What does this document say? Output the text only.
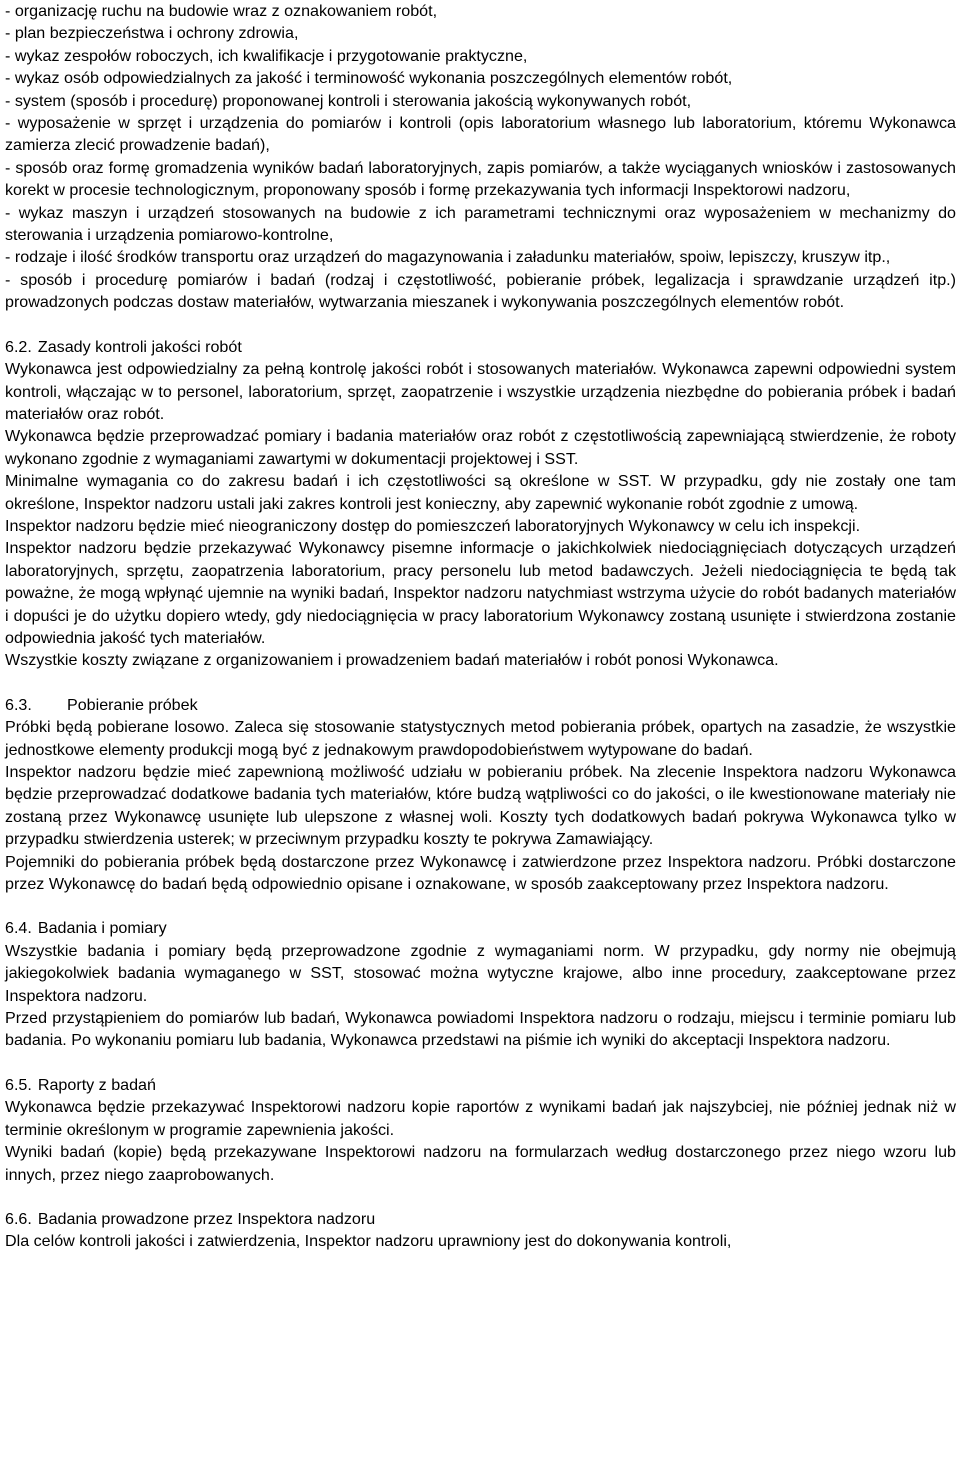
- organizację ruchu na budowie wraz z oznakowaniem robót,

- plan bezpieczeństwa i ochrony zdrowia,

- wykaz zespołów roboczych, ich kwalifikacje i przygotowanie praktyczne,

- wykaz osób odpowiedzialnych za jakość i terminowość wykonania poszczególnych elementów robót,

- system (sposób i procedurę) proponowanej kontroli i sterowania jakością wykonywanych robót,

- wyposażenie w sprzęt i urządzenia do pomiarów i kontroli (opis laboratorium własnego lub laboratorium, któremu Wykonawca zamierza zlecić prowadzenie badań),

- sposób oraz formę gromadzenia wyników badań laboratoryjnych, zapis pomiarów, a także wyciąganych wniosków i zastosowanych korekt w procesie technologicznym, proponowany sposób i formę przekazywania tych informacji Inspektorowi nadzoru,

- wykaz maszyn i urządzeń stosowanych na budowie z ich parametrami technicznymi oraz wyposażeniem w mechanizmy do sterowania i urządzenia pomiarowo-kontrolne,

- rodzaje i ilość środków transportu oraz urządzeń do magazynowania i załadunku materiałów, spoiw, lepiszczy, kruszyw itp.,

- sposób i procedurę pomiarów i badań (rodzaj i częstotliwość, pobieranie próbek, legalizacja i sprawdzanie urządzeń itp.) prowadzonych podczas dostaw materiałów, wytwarzania mieszanek i wykonywania poszczególnych elementów robót.

6.2. Zasady kontroli jakości robót

Wykonawca jest odpowiedzialny za pełną kontrolę jakości robót i stosowanych materiałów. Wykonawca zapewni odpowiedni system kontroli, włączając w to personel, laboratorium, sprzęt, zaopatrzenie i wszystkie urządzenia niezbędne do pobierania próbek i badań materiałów oraz robót.

Wykonawca będzie przeprowadzać pomiary i badania materiałów oraz robót z częstotliwością zapewniającą stwierdzenie, że roboty wykonano zgodnie z wymaganiami zawartymi w dokumentacji projektowej i SST.

Minimalne wymagania co do zakresu badań i ich częstotliwości są określone w SST. W przypadku, gdy nie zostały one tam określone, Inspektor nadzoru ustali jaki zakres kontroli jest konieczny, aby zapewnić wykonanie robót zgodnie z umową.

Inspektor nadzoru będzie mieć nieograniczony dostęp do pomieszczeń laboratoryjnych Wykonawcy w celu ich inspekcji.

Inspektor nadzoru będzie przekazywać Wykonawcy pisemne informacje o jakichkolwiek niedociągnięciach dotyczących urządzeń laboratoryjnych, sprzętu, zaopatrzenia laboratorium, pracy personelu lub metod badawczych. Jeżeli niedociągnięcia te będą tak poważne, że mogą wpłynąć ujemnie na wyniki badań, Inspektor nadzoru natychmiast wstrzyma użycie do robót badanych materiałów i dopuści je do użytku dopiero wtedy, gdy niedociągnięcia w pracy laboratorium Wykonawcy zostaną usunięte i stwierdzona zostanie odpowiednia jakość tych materiałów.

Wszystkie koszty związane z organizowaniem i prowadzeniem badań materiałów i robót ponosi Wykonawca.

6.3. Pobieranie próbek

Próbki będą pobierane losowo. Zaleca się stosowanie statystycznych metod pobierania próbek, opartych na zasadzie, że wszystkie jednostkowe elementy produkcji mogą być z jednakowym prawdopodobieństwem wytypowane do badań.

Inspektor nadzoru będzie mieć zapewnioną możliwość udziału w pobieraniu próbek. Na zlecenie Inspektora nadzoru Wykonawca będzie przeprowadzać dodatkowe badania tych materiałów, które budzą wątpliwości co do jakości, o ile kwestionowane materiały nie zostaną przez Wykonawcę usunięte lub ulepszone z własnej woli. Koszty tych dodatkowych badań pokrywa Wykonawca tylko w przypadku stwierdzenia usterek; w przeciwnym przypadku koszty te pokrywa Zamawiający.

Pojemniki do pobierania próbek będą dostarczone przez Wykonawcę i zatwierdzone przez Inspektora nadzoru. Próbki dostarczone przez Wykonawcę do badań będą odpowiednio opisane i oznakowane, w sposób zaakceptowany przez Inspektora nadzoru.

6.4. Badania i pomiary

Wszystkie badania i pomiary będą przeprowadzone zgodnie z wymaganiami norm. W przypadku, gdy normy nie obejmują jakiegokolwiek badania wymaganego w SST, stosować można wytyczne krajowe, albo inne procedury, zaakceptowane przez Inspektora nadzoru.

Przed przystąpieniem do pomiarów lub badań, Wykonawca powiadomi Inspektora nadzoru o rodzaju, miejscu i terminie pomiaru lub badania. Po wykonaniu pomiaru lub badania, Wykonawca przedstawi na piśmie ich wyniki do akceptacji Inspektora nadzoru.

6.5. Raporty z badań

Wykonawca będzie przekazywać Inspektorowi nadzoru kopie raportów z wynikami badań jak najszybciej, nie później jednak niż w terminie określonym w programie zapewnienia jakości.

Wyniki badań (kopie) będą przekazywane Inspektorowi nadzoru na formularzach według dostarczonego przez niego wzoru lub innych, przez niego zaaprobowanych.

6.6. Badania prowadzone przez Inspektora nadzoru

Dla celów kontroli jakości i zatwierdzenia, Inspektor nadzoru uprawniony jest do dokonywania kontroli,
